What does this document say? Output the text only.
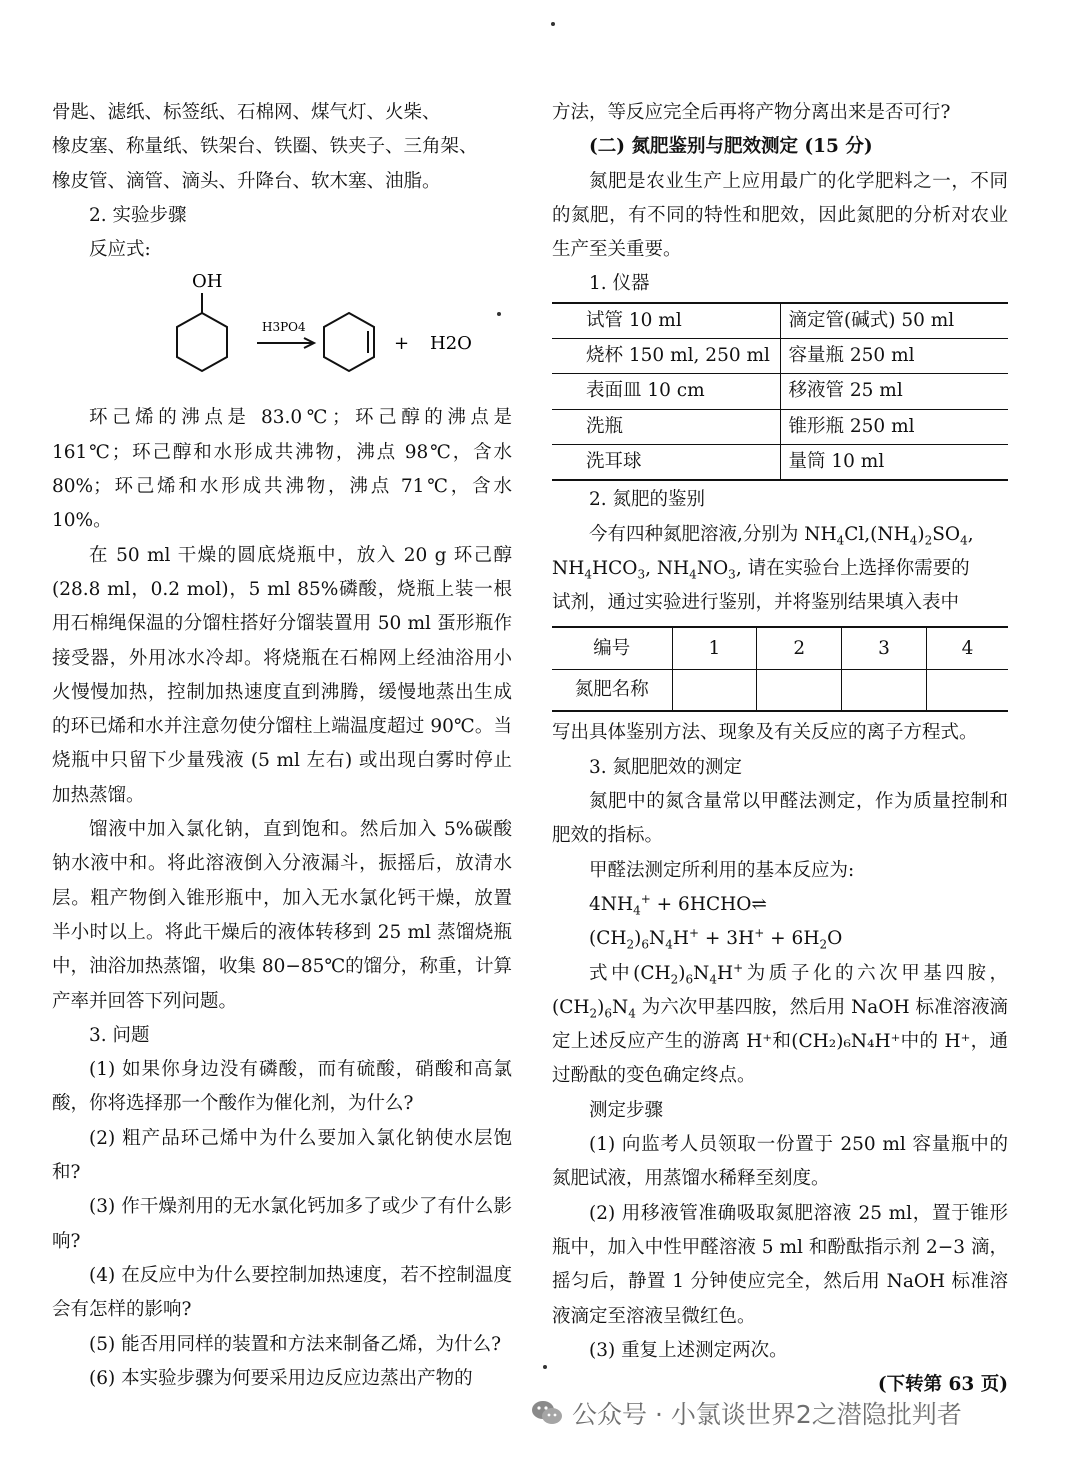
骨匙、滤纸、标签纸、石棉网、煤气灯、火柴、

橡皮塞、称量纸、铁架台、铁圈、铁夹子、三角架、

橡皮管、滴管、滴头、升降台、软木塞、油脂。

2. 实验步骤

反应式:

OH
H3PO4
+ H2O

环己烯的沸点是 83.0℃；环己醇的沸点是 161℃；环己醇和水形成共沸物，沸点 98℃，含水 80%；环己烯和水形成共沸物，沸点 71℃，含水 10%。

在 50 ml 干燥的圆底烧瓶中，放入 20 g 环己醇 (28.8 ml，0.2 mol)，5 ml 85%磷酸，烧瓶上装一根用石棉绳保温的分馏柱搭好分馏装置用 50 ml 蛋形瓶作接受器，外用冰水冷却。将烧瓶在石棉网上经油浴用小火慢慢加热，控制加热速度直到沸腾，缓慢地蒸出生成的环已烯和水并注意勿使分馏柱上端温度超过 90℃。当烧瓶中只留下少量残液 (5 ml 左右) 或出现白雾时停止加热蒸馏。

馏液中加入氯化钠，直到饱和。然后加入 5%碳酸钠水液中和。将此溶液倒入分液漏斗，振摇后，放清水层。粗产物倒入锥形瓶中，加入无水氯化钙干燥，放置半小时以上。将此干燥后的液体转移到 25 ml 蒸馏烧瓶中，油浴加热蒸馏，收集 80−85℃的馏分，称重，计算产率并回答下列问题。

3. 问题

(1) 如果你身边没有磷酸，而有硫酸，硝酸和高氯酸，你将选择那一个酸作为催化剂，为什么?

(2) 粗产品环己烯中为什么要加入氯化钠使水层饱和?

(3) 作干燥剂用的无水氯化钙加多了或少了有什么影响?

(4) 在反应中为什么要控制加热速度，若不控制温度会有怎样的影响?

(5) 能否用同样的装置和方法来制备乙烯，为什么?

(6) 本实验步骤为何要采用边反应边蒸出产物的

方法，等反应完全后再将产物分离出来是否可行?

(二) 氮肥鉴别与肥效测定 (15 分)

氮肥是农业生产上应用最广的化学肥料之一，不同的氮肥，有不同的特性和肥效，因此氮肥的分析对农业生产至关重要。

1. 仪器

试管 10 ml	滴定管(碱式) 50 ml
烧杯 150 ml, 250 ml	容量瓶 250 ml
表面皿 10 cm	移液管 25 ml
洗瓶	锥形瓶 250 ml
洗耳球	量筒 10 ml

2. 氮肥的鉴别

今有四种氮肥溶液,分别为 $NH_4Cl,(NH_4)_2SO_4$,

$NH_4HCO_3$, $NH_4NO_3$, 请在实验台上选择你需要的

试剂，通过实验进行鉴别，并将鉴别结果填入表中

编号	1	2	3	4
氮肥名称				

写出具体鉴别方法、现象及有关反应的离子方程式。

3. 氮肥肥效的测定

氮肥中的氮含量常以甲醛法测定，作为质量控制和肥效的指标。

甲醛法测定所利用的基本反应为:

$4NH_4^+$ + 6HCHO⇌

$(CH_2)_6N_4H^+ + 3H^+ + 6H_2O$

式中$(CH_2)_6N_4H^+$为质子化的六次甲基四胺，$(CH_2)_6N_4$ 为六次甲基四胺，然后用 NaOH 标准溶液滴定上述反应产生的游离 H⁺和(CH₂)₆N₄H⁺中的 H⁺，通过酚酞的变色确定终点。

测定步骤

(1) 向监考人员领取一份置于 250 ml 容量瓶中的氮肥试液，用蒸馏水稀释至刻度。

(2) 用移液管准确吸取氮肥溶液 25 ml，置于锥形瓶中，加入中性甲醛溶液 5 ml 和酚酞指示剂 2−3 滴，摇匀后，静置 1 分钟使应完全，然后用 NaOH 标准溶液滴定至溶液呈微红色。

(3) 重复上述测定两次。

(下转第 63 页)

公众号 · 小氯谈世界2之潜隐批判者
